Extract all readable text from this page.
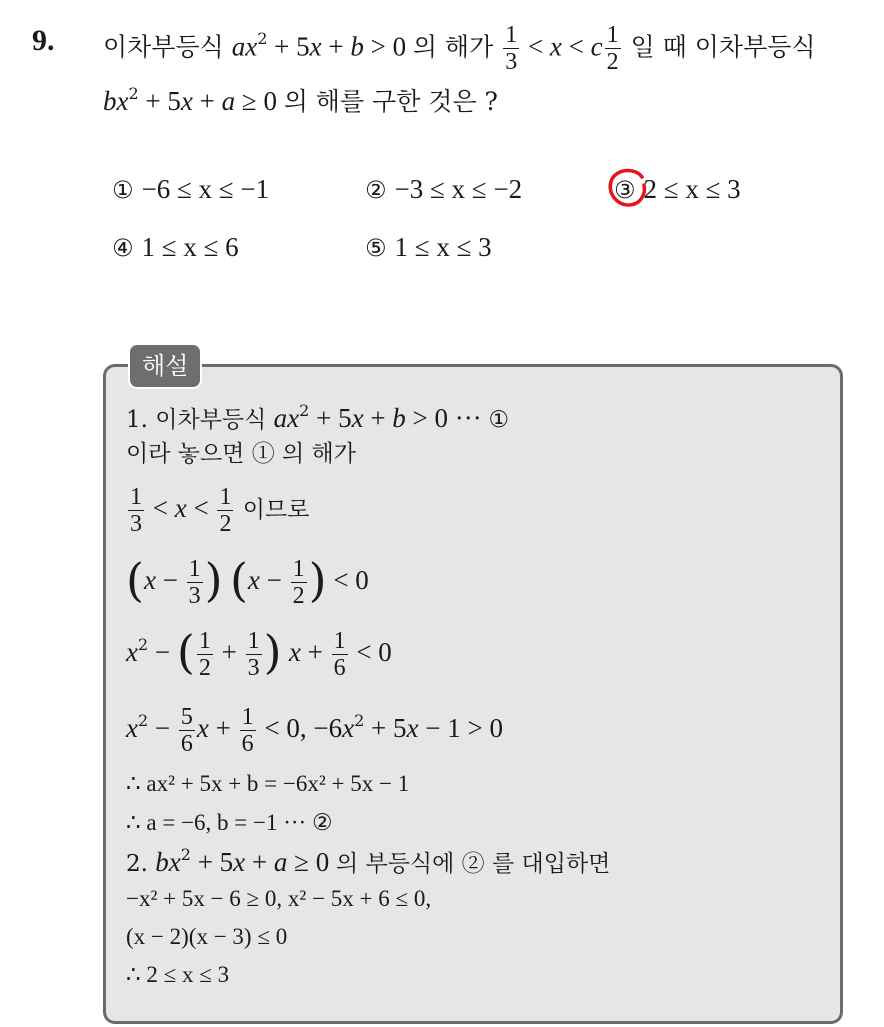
9. 이차부등식 $ax^2 + 5x + b > 0$ 의 해가 $\frac{1}{3} < x < c \frac{1}{2}$ 일 때 이차부등식
$bx^2 + 5x + a \ge 0$ 의 해를 구한 것은 ?
① −6 ≤ x ≤ −1	② −3 ≤ x ≤ −2	③ 2 ≤ x ≤ 3
④ 1 ≤ x ≤ 6	⑤ 1 ≤ x ≤ 3
해설
1. 이차부등식 $ax^2 + 5x + b > 0$ ··· ①
이라 놓으면 ① 의 해가
$\frac{1}{3} < x < \frac{1}{2}$ 이므로
($x - \frac{1}{3}$ ) ($x - \frac{1}{2}$ ) < 0
$x^2$ − ( $\frac{1}{2} + \frac{1}{3}$ ) $x + \frac{1}{6} < 0$
$x^2 - \frac{5}{6}$ $x + \frac{1}{6} < 0$, $-6x^2 + 5x - 1 > 0$
∴ ax² + 5x + b = −6x² + 5x − 1
∴ a = −6, b = −1 ··· ②
2. $bx^2 + 5x + a \ge 0$ 의 부등식에 ② 를 대입하면
−x² + 5x − 6 ≥ 0, x² − 5x + 6 ≤ 0,
(x − 2)(x − 3) ≤ 0
∴ 2 ≤ x ≤ 3
